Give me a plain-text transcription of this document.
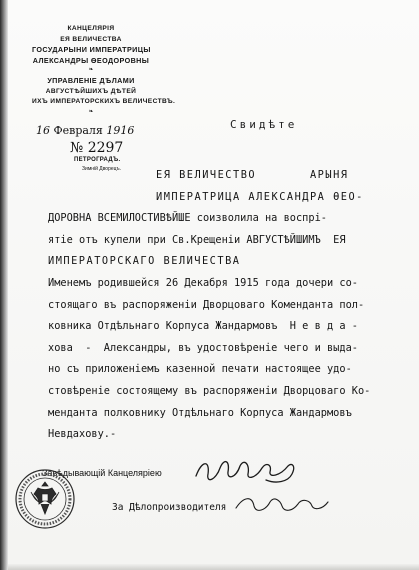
КАНЦЕЛЯРІЯ
ЕЯ ВЕЛИЧЕСТВА
ГОСУДАРЫНИ ИМПЕРАТРИЦЫ
АЛЕКСАНДРЫ ѲЕОДОРОВНЫ
❧
УПРАВЛЕНІЕ ДѢЛАМИ
АВГУСТѢЙШИХЪ ДѢТЕЙ
ИХЪ ИМПЕРАТОРСКИХЪ ВЕЛИЧЕСТВЪ.
❧
16 Февраля 1916
№ 2297
ПЕТРОГРАДЪ.
Зимній Дворецъ.
Свидѣте
ЕЯ ВЕЛИЧЕСТВО       АРЫНЯ
ИМПЕРАТРИЦА АЛЕКСАНДРА ѲЕО-
ДОРОВНА ВСЕМИЛОСТИВѢЙШЕ соизволила на воспрі-
ятіе отъ купели при Св.Крещеніи АВГУСТѢЙШИМЪ  ЕЯ
ИМПЕРАТОРСКАГО ВЕЛИЧЕСТВА
Именемъ родившейся 26 Декабря 1915 года дочери со-
стоящаго въ распоряженіи Дворцоваго Коменданта пол-
ковника Отдѣльнаго Корпуса Жандармовъ  Н е в д а -
хова  -  Александры, въ удостовѣреніе чего и выда-
но съ приложеніемъ казенной печати настоящее удо-
стовѣреніе состоящему въ распоряженіи Дворцоваго Ко-
менданта полковнику Отдѣльнаго Корпуса Жандармовъ
Невдахову.-
Завѣдывающій Канцеляріею
За Дѣлопроизводителя
